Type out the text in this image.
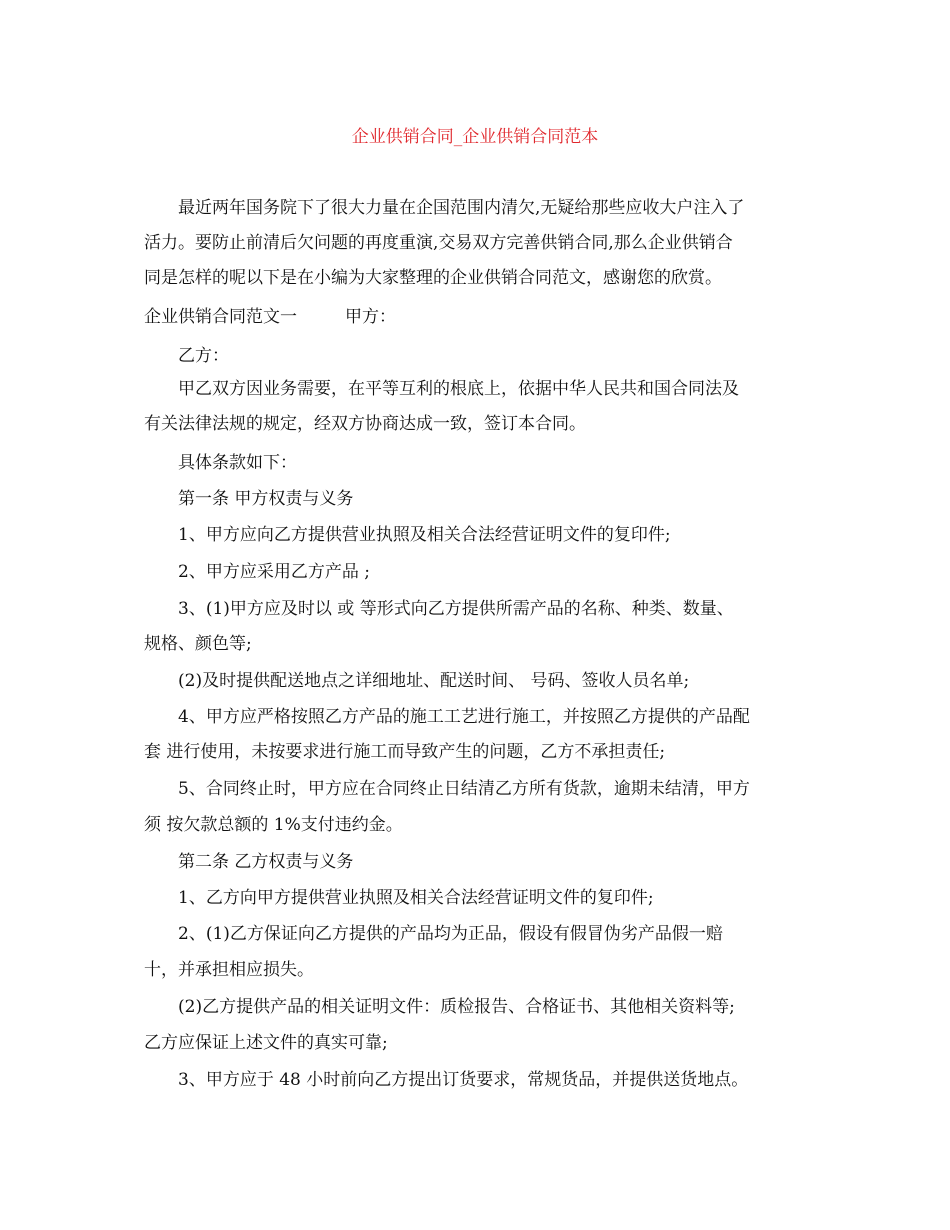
企业供销合同_企业供销合同范本
最近两年国务院下了很大力量在企国范围内清欠,无疑给那些应收大户注入了
活力。要防止前清后欠问题的再度重演,交易双方完善供销合同,那么企业供销合
同是怎样的呢以下是在小编为大家整理的企业供销合同范文，感谢您的欣赏。
企业供销合同范文一	甲方：
乙方：
甲乙双方因业务需要，在平等互利的根底上，依据中华人民共和国合同法及
有关法律法规的规定，经双方协商达成一致，签订本合同。
具体条款如下：
第一条 甲方权责与义务
1、甲方应向乙方提供营业执照及相关合法经营证明文件的复印件;
2、甲方应采用乙方产品 ;
3、(1)甲方应及时以 或 等形式向乙方提供所需产品的名称、种类、数量、
规格、颜色等;
(2)及时提供配送地点之详细地址、配送时间、 号码、签收人员名单;
4、甲方应严格按照乙方产品的施工工艺进行施工，并按照乙方提供的产品配
套 进行使用，未按要求进行施工而导致产生的问题，乙方不承担责任;
5、合同终止时，甲方应在合同终止日结清乙方所有货款，逾期未结清，甲方
须 按欠款总额的 1%支付违约金。
第二条 乙方权责与义务
1、乙方向甲方提供营业执照及相关合法经营证明文件的复印件;
2、(1)乙方保证向乙方提供的产品均为正品，假设有假冒伪劣产品假一赔
十，并承担相应损失。
(2)乙方提供产品的相关证明文件：质检报告、合格证书、其他相关资料等;
乙方应保证上述文件的真实可靠;
3、甲方应于 48 小时前向乙方提出订货要求，常规货品，并提供送货地点。
